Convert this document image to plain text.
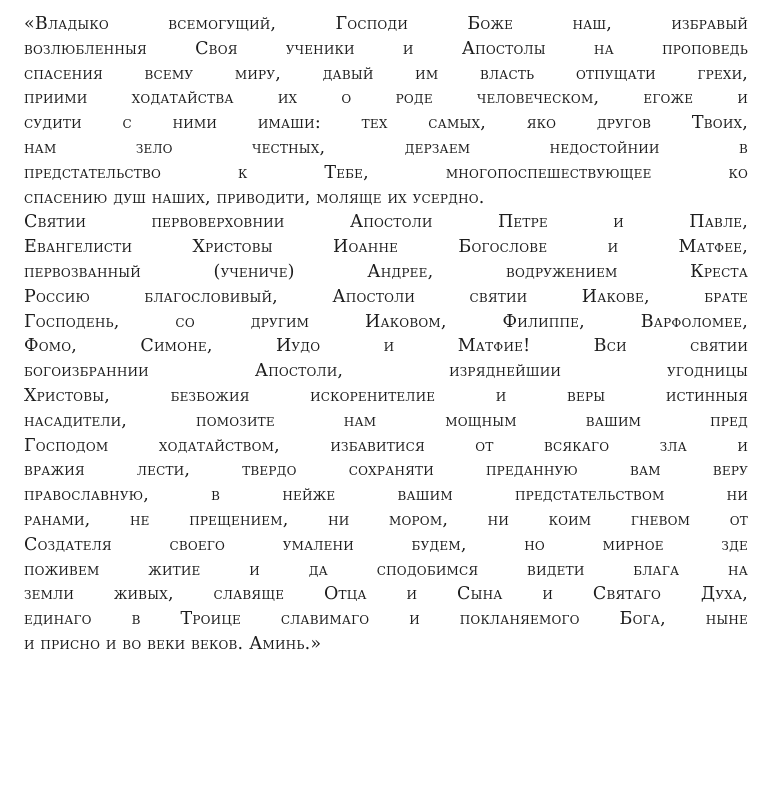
«Владыко всемогущий, Господи Боже наш, избравый
возлюбленныя Своя ученики и Апостолы на проповедь
спасения всему миру, давый им власть отпущати грехи,
приими ходатайства их о роде человеческом, егоже и
судити с ними имаши: тех самых, яко другов Твоих,
нам зело честных, дерзаем недостойнии в
предстательство к Тебе, многопоспешествующее ко
спасению душ наших, приводити, моляще их усердно.
Святии первоверховнии Апостоли Петре и Павле,
Евангелисти Христовы Иоанне Богослове и Матфее,
первозванный (учениче) Андрее, водружением Креста
Россию благословивый, Апостоли святии Иакове, брате
Господень, со другим Иаковом, Филиппе, Варфоломее,
Фомо, Симоне, Иудо и Матфие! Вси святии
богоизбраннии Апостоли, изряднейшии угодницы
Христовы, безбожия искоренителие и веры истинныя
насадители, помозите нам мощным вашим пред
Господом ходатайством, избавитися от всякаго зла и
вражия лести, твердо сохраняти преданную вам веру
православную, в нейже вашим предстательством ни
ранами, не прещением, ни мором, ни коим гневом от
Создателя своего умалени будем, но мирное зде
поживем житие и да сподобимся видети блага на
земли живых, славяще Отца и Сына и Святаго Духа,
единаго в Троице славимаго и покланяемого Бога, ныне
и присно и во веки веков. Аминь.»
